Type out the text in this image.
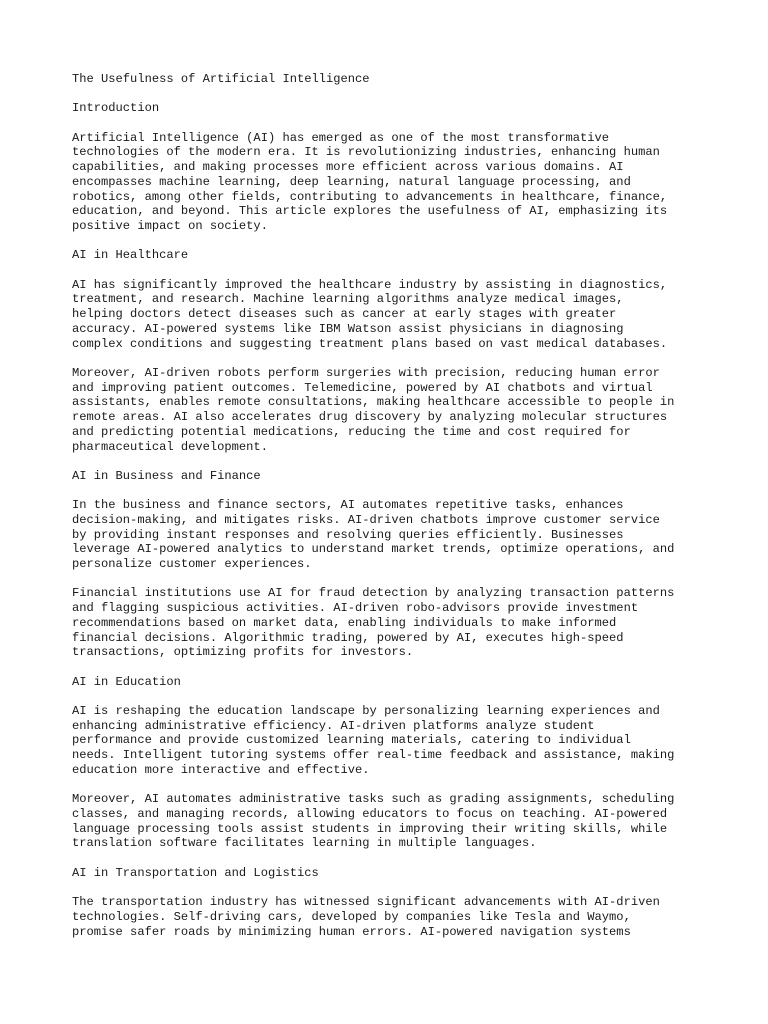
The Usefulness of Artificial Intelligence

Introduction

Artificial Intelligence (AI) has emerged as one of the most transformative

technologies of the modern era. It is revolutionizing industries, enhancing human

capabilities, and making processes more efficient across various domains. AI

encompasses machine learning, deep learning, natural language processing, and

robotics, among other fields, contributing to advancements in healthcare, finance,

education, and beyond. This article explores the usefulness of AI, emphasizing its

positive impact on society.

AI in Healthcare

AI has significantly improved the healthcare industry by assisting in diagnostics,

treatment, and research. Machine learning algorithms analyze medical images,

helping doctors detect diseases such as cancer at early stages with greater

accuracy. AI-powered systems like IBM Watson assist physicians in diagnosing

complex conditions and suggesting treatment plans based on vast medical databases.

Moreover, AI-driven robots perform surgeries with precision, reducing human error

and improving patient outcomes. Telemedicine, powered by AI chatbots and virtual

assistants, enables remote consultations, making healthcare accessible to people in

remote areas. AI also accelerates drug discovery by analyzing molecular structures

and predicting potential medications, reducing the time and cost required for

pharmaceutical development.

AI in Business and Finance

In the business and finance sectors, AI automates repetitive tasks, enhances

decision-making, and mitigates risks. AI-driven chatbots improve customer service

by providing instant responses and resolving queries efficiently. Businesses

leverage AI-powered analytics to understand market trends, optimize operations, and

personalize customer experiences.

Financial institutions use AI for fraud detection by analyzing transaction patterns

and flagging suspicious activities. AI-driven robo-advisors provide investment

recommendations based on market data, enabling individuals to make informed

financial decisions. Algorithmic trading, powered by AI, executes high-speed

transactions, optimizing profits for investors.

AI in Education

AI is reshaping the education landscape by personalizing learning experiences and

enhancing administrative efficiency. AI-driven platforms analyze student

performance and provide customized learning materials, catering to individual

needs. Intelligent tutoring systems offer real-time feedback and assistance, making

education more interactive and effective.

Moreover, AI automates administrative tasks such as grading assignments, scheduling

classes, and managing records, allowing educators to focus on teaching. AI-powered

language processing tools assist students in improving their writing skills, while

translation software facilitates learning in multiple languages.

AI in Transportation and Logistics

The transportation industry has witnessed significant advancements with AI-driven

technologies. Self-driving cars, developed by companies like Tesla and Waymo,

promise safer roads by minimizing human errors. AI-powered navigation systems
